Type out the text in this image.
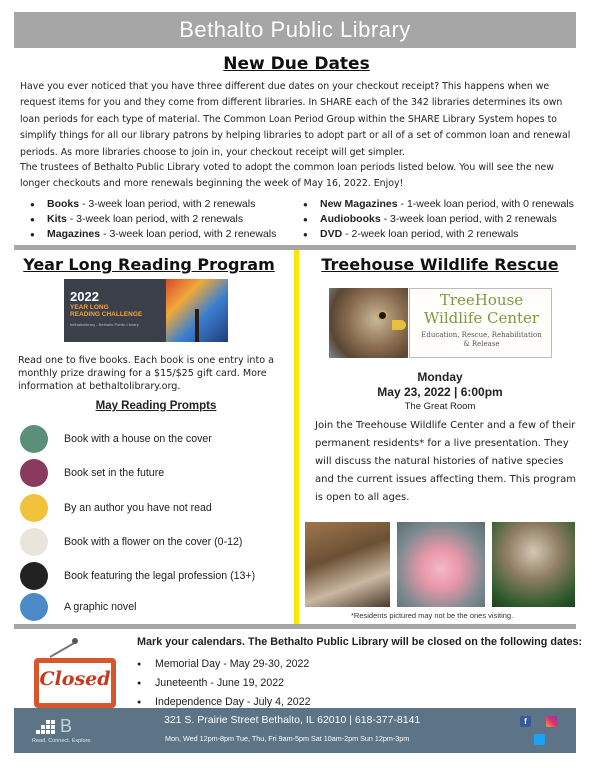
Bethalto Public Library
New Due Dates

Have you ever noticed that you have three different due dates on your checkout receipt? This happens when we request items for you and they come from different libraries. In SHARE each of the 342 libraries determines its own loan periods for each type of material. The Common Loan Period Group within the SHARE Library System hopes to simplify things for all our library patrons by helping libraries to adopt part or all of a set of common loan and renewal periods. As more libraries choose to join in, your checkout receipt will get simpler.

The trustees of Bethalto Public Library voted to adopt the common loan periods listed below. You will see the new longer checkouts and more renewals beginning the week of May 16, 2022. Enjoy!

● Books - 3-week loan period, with 2 renewals
● Kits - 3-week loan period, with 2 renewals
● Magazines - 3-week loan period, with 2 renewals
● New Magazines - 1-week loan period, with 0 renewals
● Audiobooks - 3-week loan period, with 2 renewals
● DVD - 2-week loan period, with 2 renewals
Year Long Reading Program
2022
YEAR LONG
READING CHALLENGE
bethaltolibrary - Bethalto Public Library

Read one to five books. Each book is one entry into a monthly prize drawing for a $15/$25 gift card. More information at bethaltolibrary.org.

May Reading Prompts
Book with a house on the cover
Book set in the future
By an author you have not read
Book with a flower on the cover (0-12)
Book featuring the legal profession (13+)
A graphic novel
Treehouse Wildlife Rescue
TreeHouse
Wildlife Center
Education, Rescue, Rehabilitation
& Release
Monday
May 23, 2022 | 6:00pm
The Great Room

Join the Treehouse Wildlife Center and a few of their permanent residents* for a live presentation. They will discuss the natural histories of native species and the current issues affecting them. This program is open to all ages.

*Residents pictured may not be the ones visiting.
Closed
Mark your calendars. The Bethalto Public Library will be closed on the following dates:
● Memorial Day - May 29-30, 2022
● Juneteenth - June 19, 2022
● Independence Day - July 4, 2022
B
Read. Connect. Explore.
321 S. Prairie Street Bethalto, IL 62010 | 618-377-8141
Mon, Wed 12pm-8pm Tue, Thu, Fri 9am-5pm Sat 10am-2pm Sun 12pm-3pm
f
